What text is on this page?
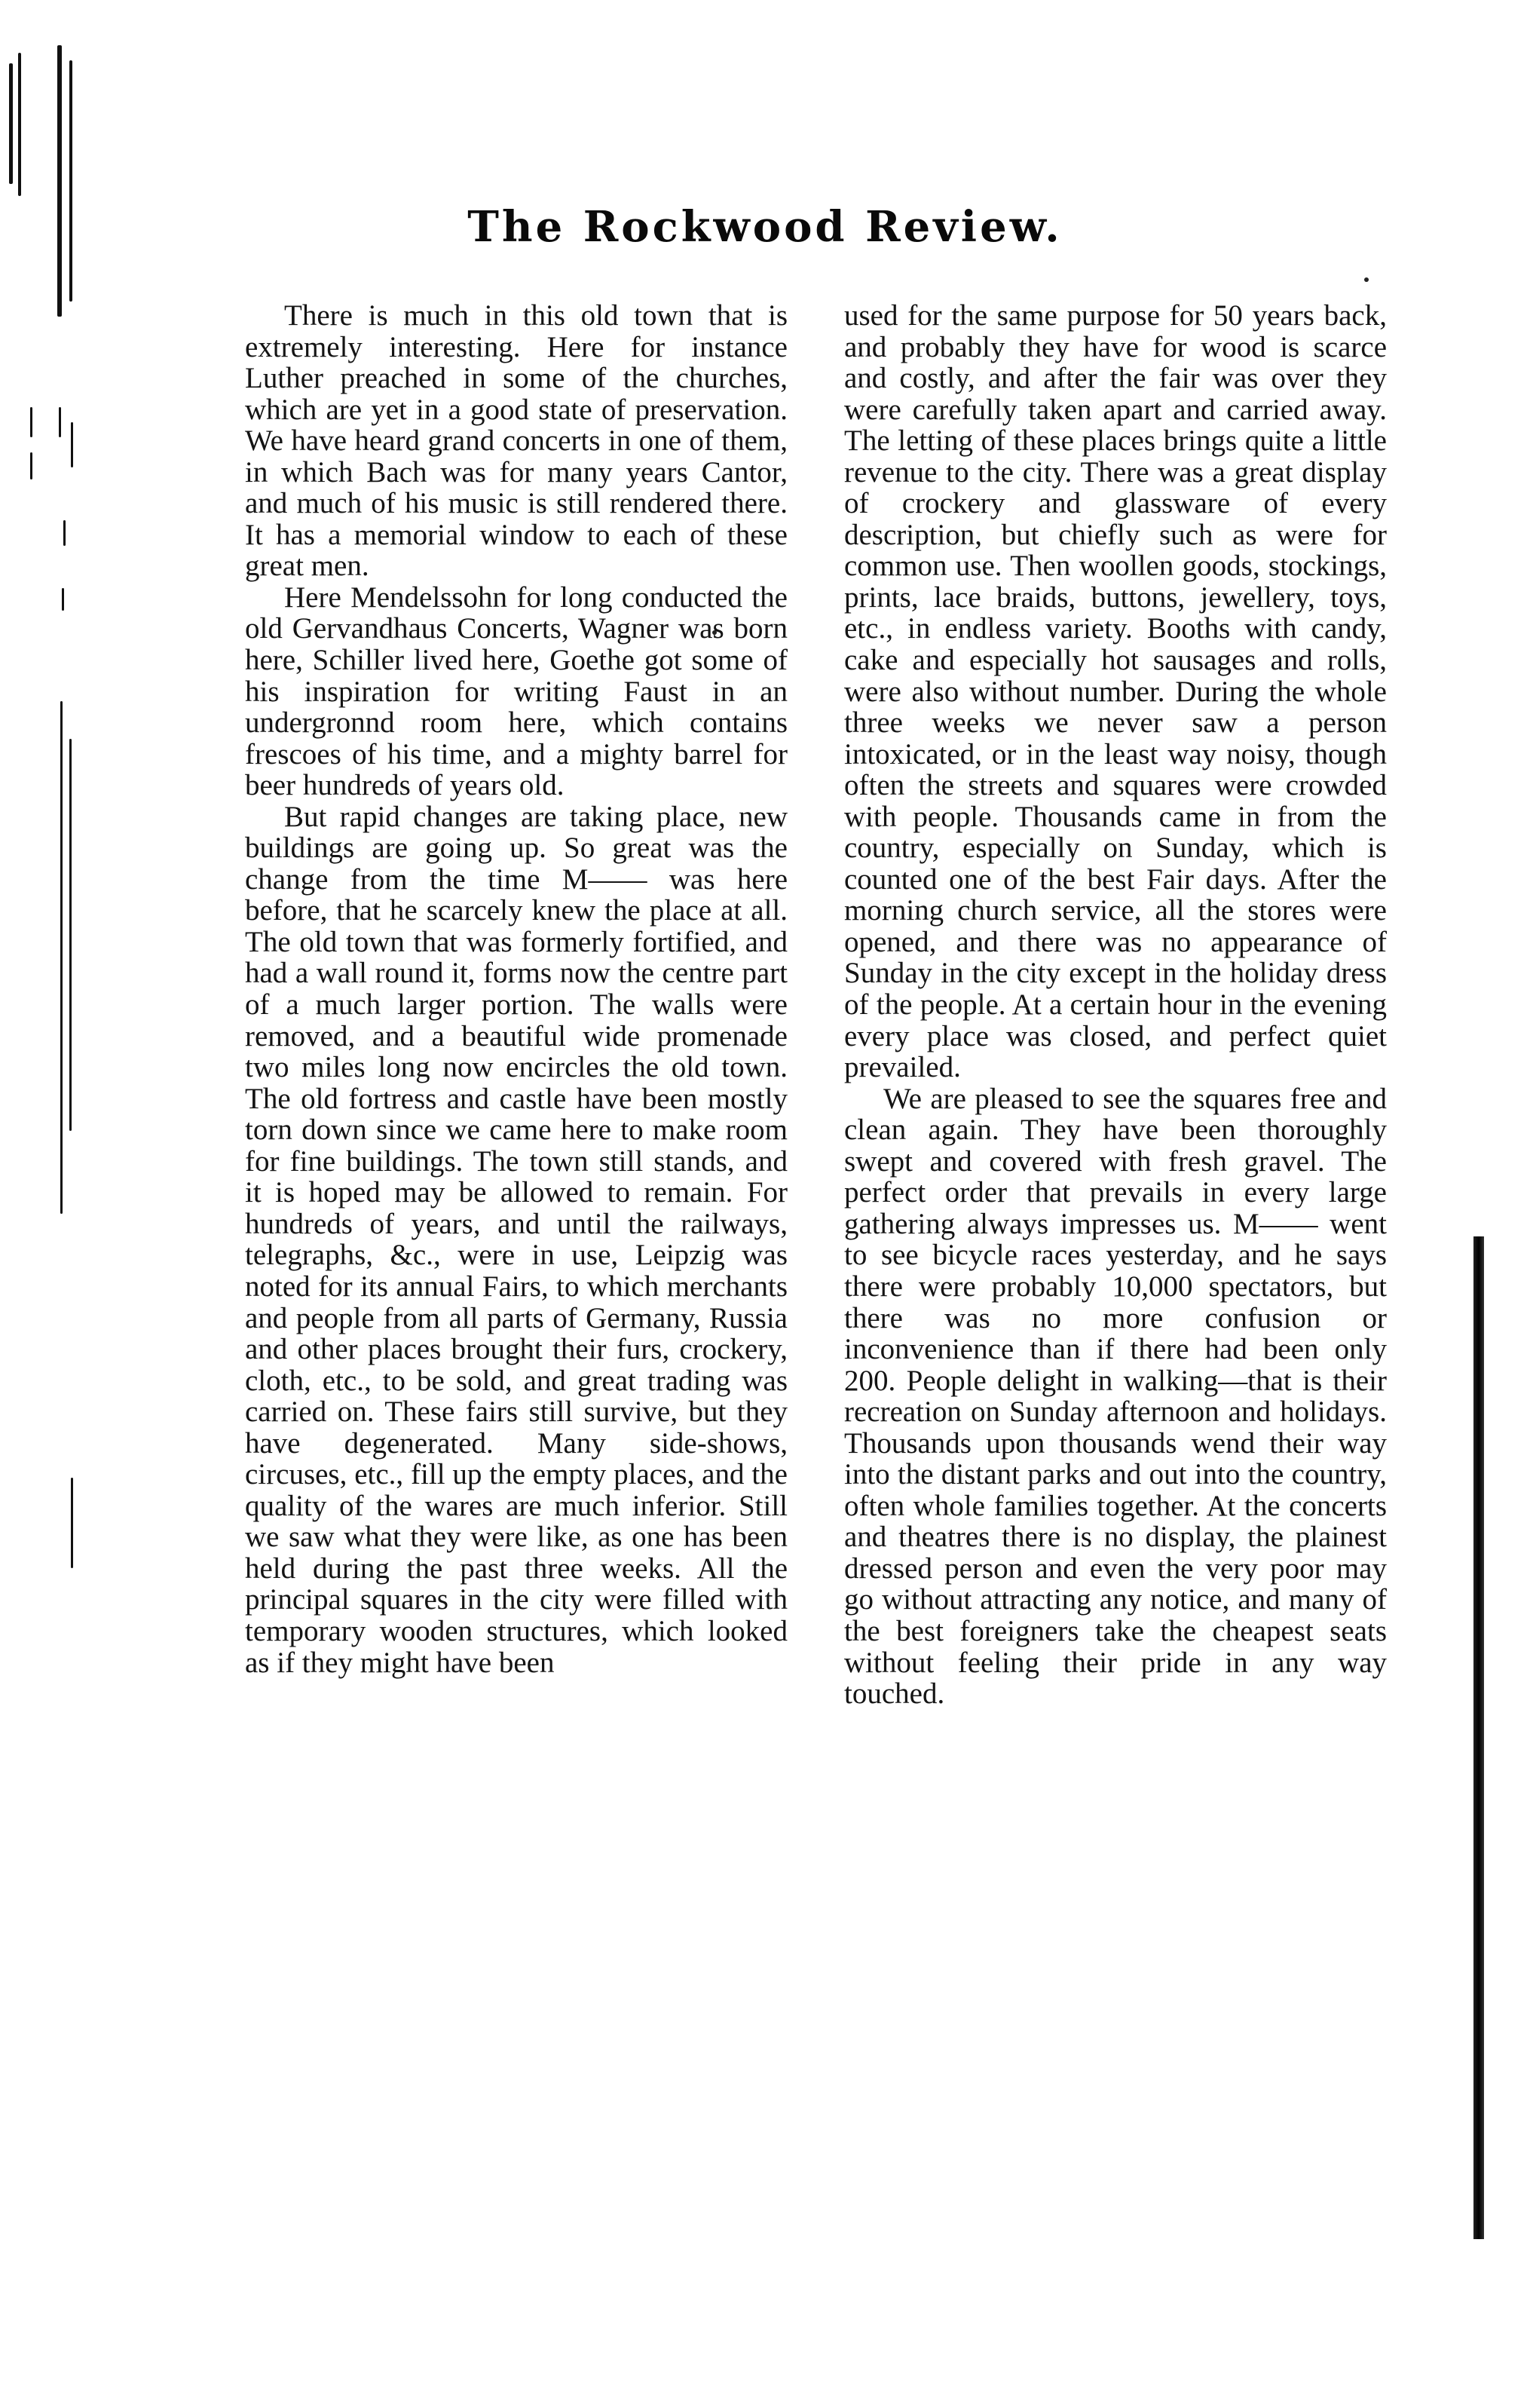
The Rockwood Review.

There is much in this old town that is extremely interesting. Here for instance Luther preached in some of the churches, which are yet in a good state of preservation. We have heard grand concerts in one of them, in which Bach was for many years Cantor, and much of his music is still rendered there. It has a memorial window to each of these great men.

Here Mendelssohn for long conducted the old Gervandhaus Concerts, Wagner was born here, Schiller lived here, Goethe got some of his inspiration for writing Faust in an undergronnd room here, which contains frescoes of his time, and a mighty barrel for beer hundreds of years old.

But rapid changes are taking place, new buildings are going up. So great was the change from the time M—— was here before, that he scarcely knew the place at all. The old town that was formerly fortified, and had a wall round it, forms now the centre part of a much larger portion. The walls were removed, and a beautiful wide promenade two miles long now encircles the old town. The old fortress and castle have been mostly torn down since we came here to make room for fine buildings. The town still stands, and it is hoped may be allowed to remain. For hundreds of years, and until the railways, telegraphs, &c., were in use, Leipzig was noted for its annual Fairs, to which merchants and people from all parts of Germany, Russia and other places brought their furs, crockery, cloth, etc., to be sold, and great trading was carried on. These fairs still survive, but they have degenerated. Many side-shows, circuses, etc., fill up the empty places, and the quality of the wares are much inferior. Still we saw what they were like, as one has been held during the past three weeks. All the principal squares in the city were filled with temporary wooden structures, which looked as if they might have been

used for the same purpose for 50 years back, and probably they have for wood is scarce and costly, and after the fair was over they were carefully taken apart and carried away. The letting of these places brings quite a little revenue to the city. There was a great display of crockery and glassware of every description, but chiefly such as were for common use. Then woollen goods, stockings, prints, lace braids, buttons, jewellery, toys, etc., in endless variety. Booths with candy, cake and especially hot sausages and rolls, were also without number. During the whole three weeks we never saw a person intoxicated, or in the least way noisy, though often the streets and squares were crowded with people. Thousands came in from the country, especially on Sunday, which is counted one of the best Fair days. After the morning church service, all the stores were opened, and there was no appearance of Sunday in the city except in the holiday dress of the people. At a certain hour in the evening every place was closed, and perfect quiet prevailed.

We are pleased to see the squares free and clean again. They have been thoroughly swept and covered with fresh gravel. The perfect order that prevails in every large gathering always impresses us. M—— went to see bicycle races yesterday, and he says there were probably 10,000 spectators, but there was no more confusion or inconvenience than if there had been only 200. People delight in walking—that is their recreation on Sunday afternoon and holidays. Thousands upon thousands wend their way into the distant parks and out into the country, often whole families together. At the concerts and theatres there is no display, the plainest dressed person and even the very poor may go without attracting any notice, and many of the best foreigners take the cheapest seats without feeling their pride in any way touched.
